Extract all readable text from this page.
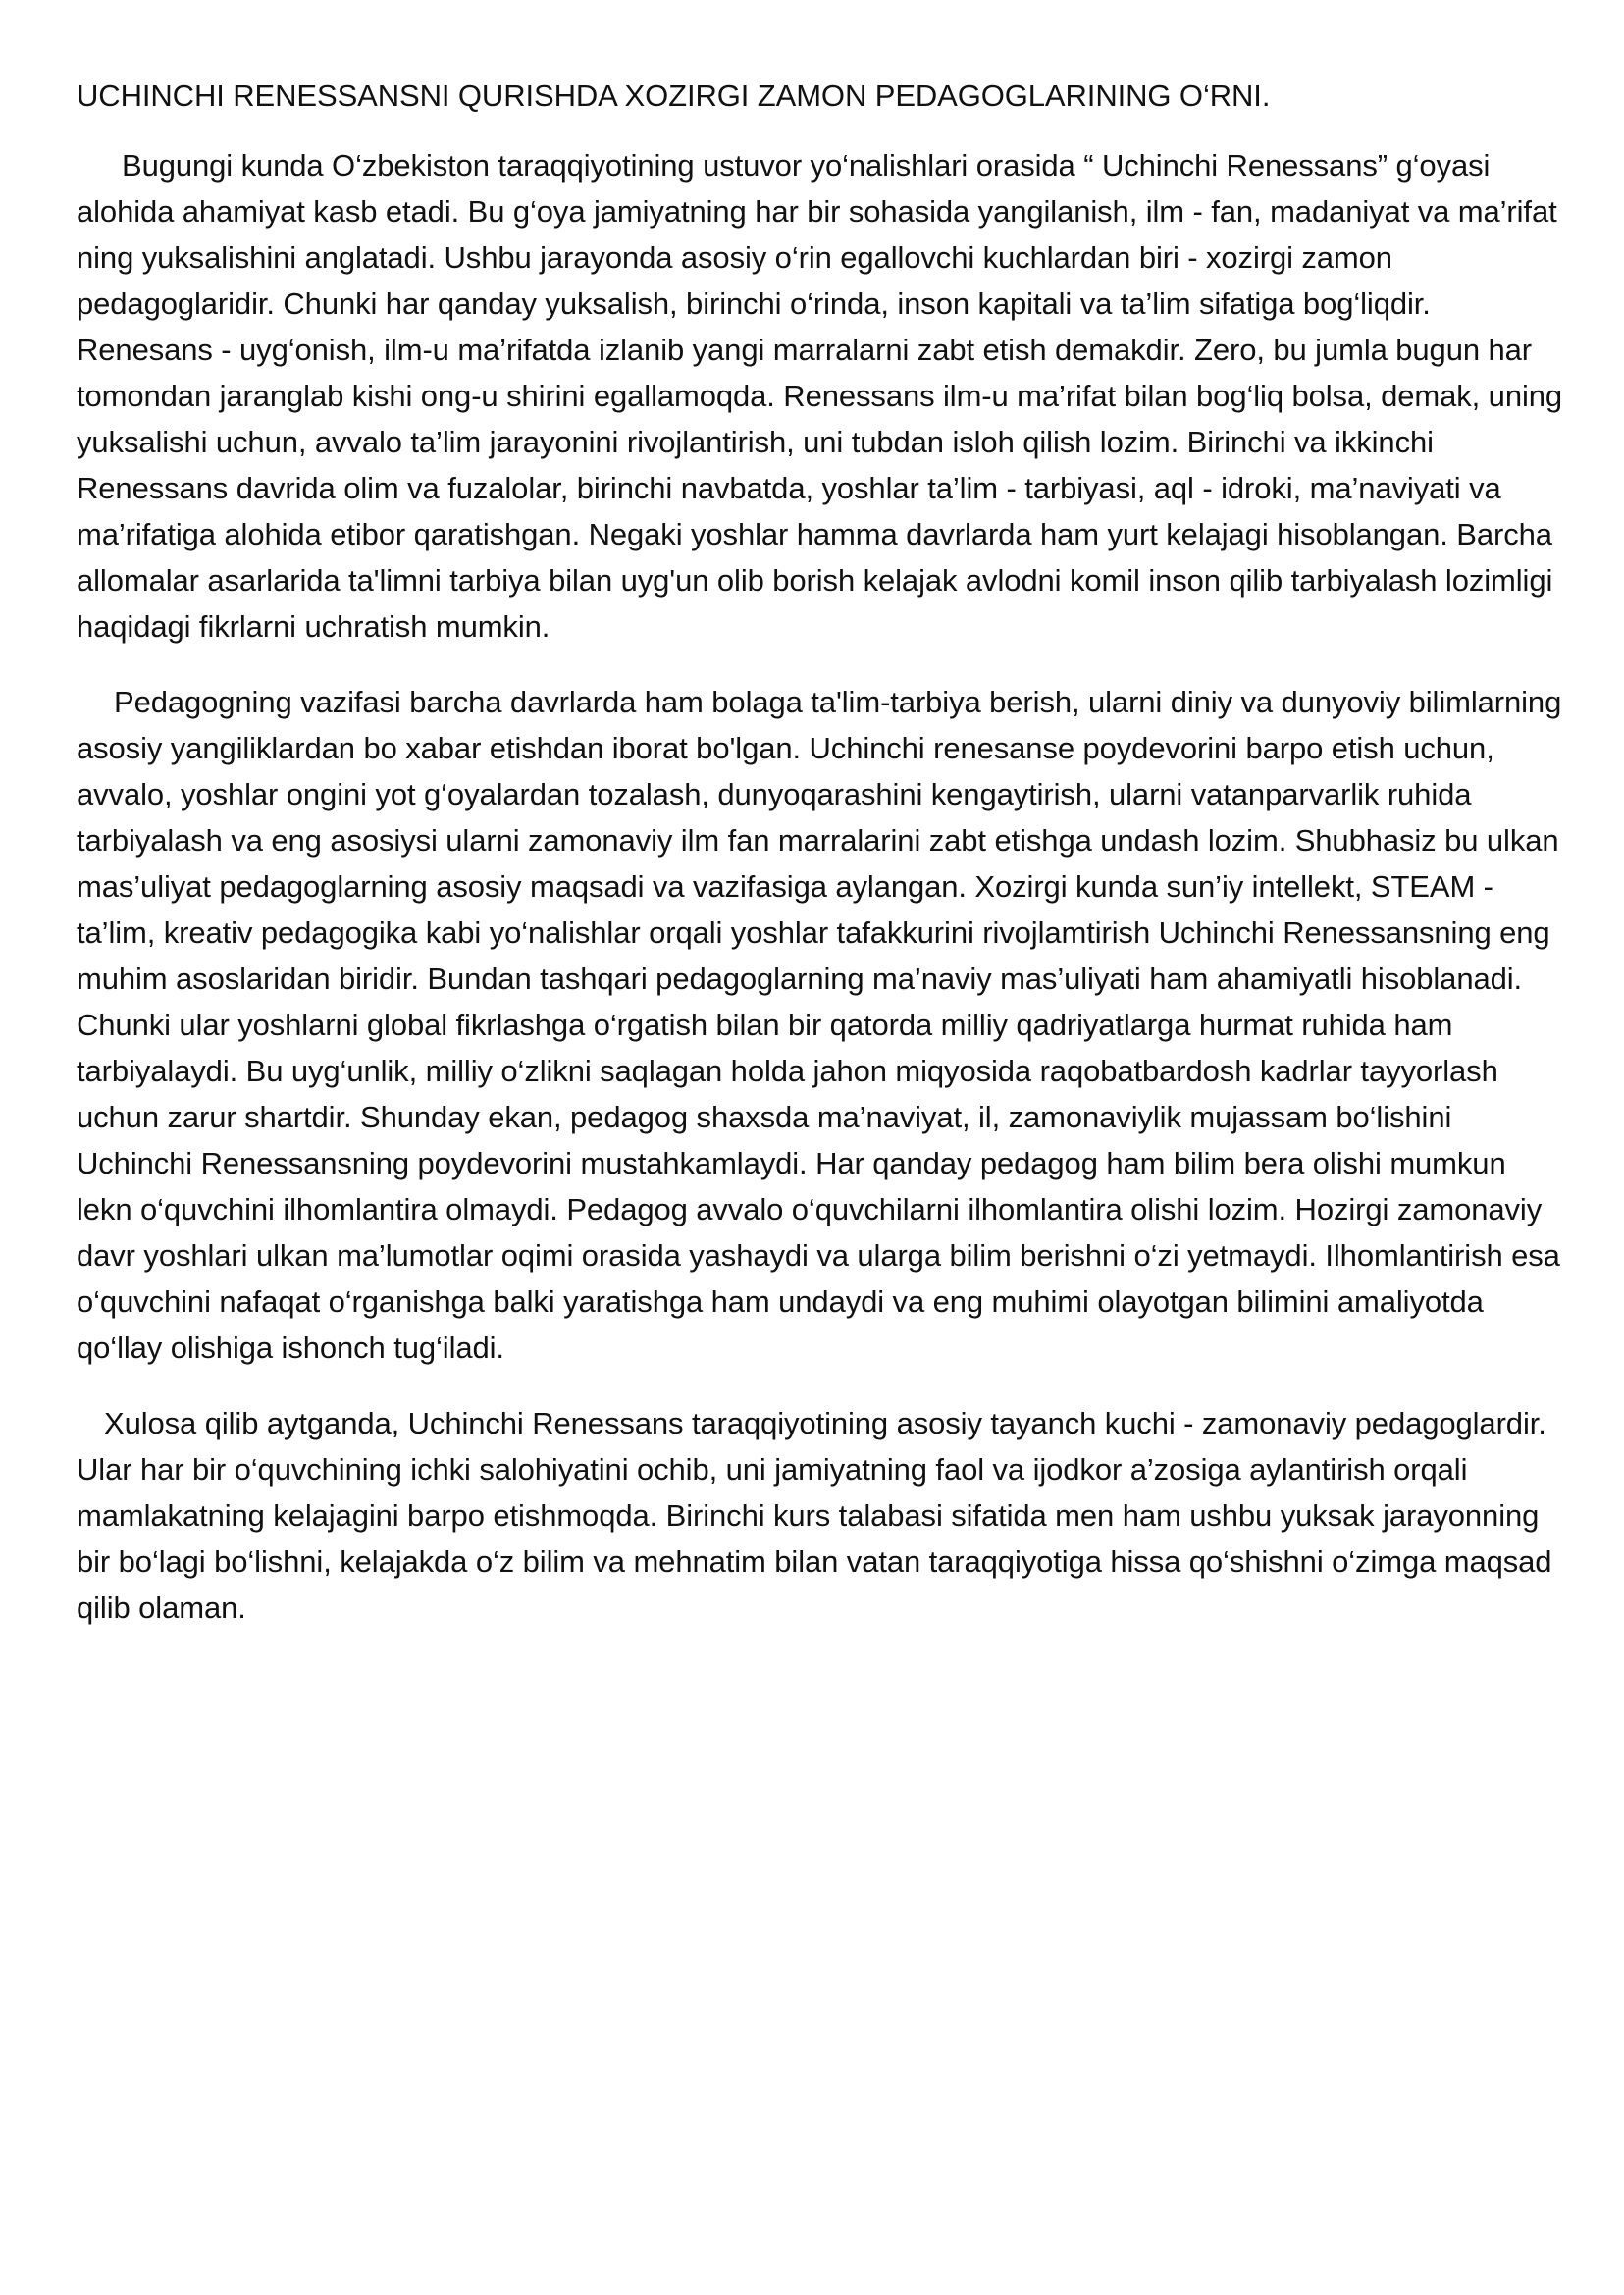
UCHINCHI RENESSANSNI QURISHDA XOZIRGI ZAMON PEDAGOGLARINING O‘RNI.

Bugungi kunda O‘zbekiston taraqqiyotining ustuvor yo‘nalishlari orasida “ Uchinchi Renessans” g‘oyasi alohida ahamiyat kasb etadi. Bu g‘oya jamiyatning har bir sohasida yangilanish, ilm - fan, madaniyat va ma’rifat ning yuksalishini anglatadi. Ushbu jarayonda asosiy o‘rin egallovchi kuchlardan biri - xozirgi zamon pedagoglaridir. Chunki har qanday yuksalish, birinchi o‘rinda, inson kapitali va ta’lim sifatiga bog‘liqdir. Renesans - uyg‘onish, ilm-u ma’rifatda izlanib yangi marralarni zabt etish demakdir. Zero, bu jumla bugun har tomondan jaranglab kishi ong-u shirini egallamoqda. Renessans ilm-u ma’rifat bilan bog‘liq bolsa, demak, uning yuksalishi uchun, avvalo ta’lim jarayonini rivojlantirish, uni tubdan isloh qilish lozim. Birinchi va ikkinchi Renessans davrida olim va fuzalolar, birinchi navbatda, yoshlar ta’lim - tarbiyasi, aql - idroki, ma’naviyati va ma’rifatiga alohida etibor qaratishgan. Negaki yoshlar hamma davrlarda ham yurt kelajagi hisoblangan. Barcha allomalar asarlarida ta'limni tarbiya bilan uyg'un olib borish kelajak avlodni komil inson qilib tarbiyalash lozimligi haqidagi fikrlarni uchratish mumkin.

Pedagogning vazifasi barcha davrlarda ham bolaga ta'lim-tarbiya berish, ularni diniy va dunyoviy bilimlarning asosiy yangiliklardan bo xabar etishdan iborat bo'lgan. Uchinchi renesanse poydevorini barpo etish uchun, avvalo, yoshlar ongini yot g‘oyalardan tozalash, dunyoqarashini kengaytirish, ularni vatanparvarlik ruhida tarbiyalash va eng asosiysi ularni zamonaviy ilm fan marralarini zabt etishga undash lozim. Shubhasiz bu ulkan mas’uliyat pedagoglarning asosiy maqsadi va vazifasiga aylangan. Xozirgi kunda sun’iy intellekt, STEAM - ta’lim, kreativ pedagogika kabi yo‘nalishlar orqali yoshlar tafakkurini rivojlamtirish Uchinchi Renessansning eng muhim asoslaridan biridir. Bundan tashqari pedagoglarning ma’naviy mas’uliyati ham ahamiyatli hisoblanadi. Chunki ular yoshlarni global fikrlashga o‘rgatish bilan bir qatorda milliy qadriyatlarga hurmat ruhida ham tarbiyalaydi. Bu uyg‘unlik, milliy o‘zlikni saqlagan holda jahon miqyosida raqobatbardosh kadrlar tayyorlash uchun zarur shartdir. Shunday ekan, pedagog shaxsda ma’naviyat, il, zamonaviylik mujassam bo‘lishini Uchinchi Renessansning poydevorini mustahkamlaydi. Har qanday pedagog ham bilim bera olishi mumkun lekn o‘quvchini ilhomlantira olmaydi. Pedagog avvalo o‘quvchilarni ilhomlantira olishi lozim. Hozirgi zamonaviy davr yoshlari ulkan ma’lumotlar oqimi orasida yashaydi va ularga bilim berishni o‘zi yetmaydi. Ilhomlantirish esa o‘quvchini nafaqat o‘rganishga balki yaratishga ham undaydi va eng muhimi olayotgan bilimini amaliyotda qo‘llay olishiga ishonch tug‘iladi.

Xulosa qilib aytganda, Uchinchi Renessans taraqqiyotining asosiy tayanch kuchi - zamonaviy pedagoglardir. Ular har bir o‘quvchining ichki salohiyatini ochib, uni jamiyatning faol va ijodkor a’zosiga aylantirish orqali mamlakatning kelajagini barpo etishmoqda. Birinchi kurs talabasi sifatida men ham ushbu yuksak jarayonning bir bo‘lagi bo‘lishni, kelajakda o‘z bilim va mehnatim bilan vatan taraqqiyotiga hissa qo‘shishni o‘zimga maqsad qilib olaman.
